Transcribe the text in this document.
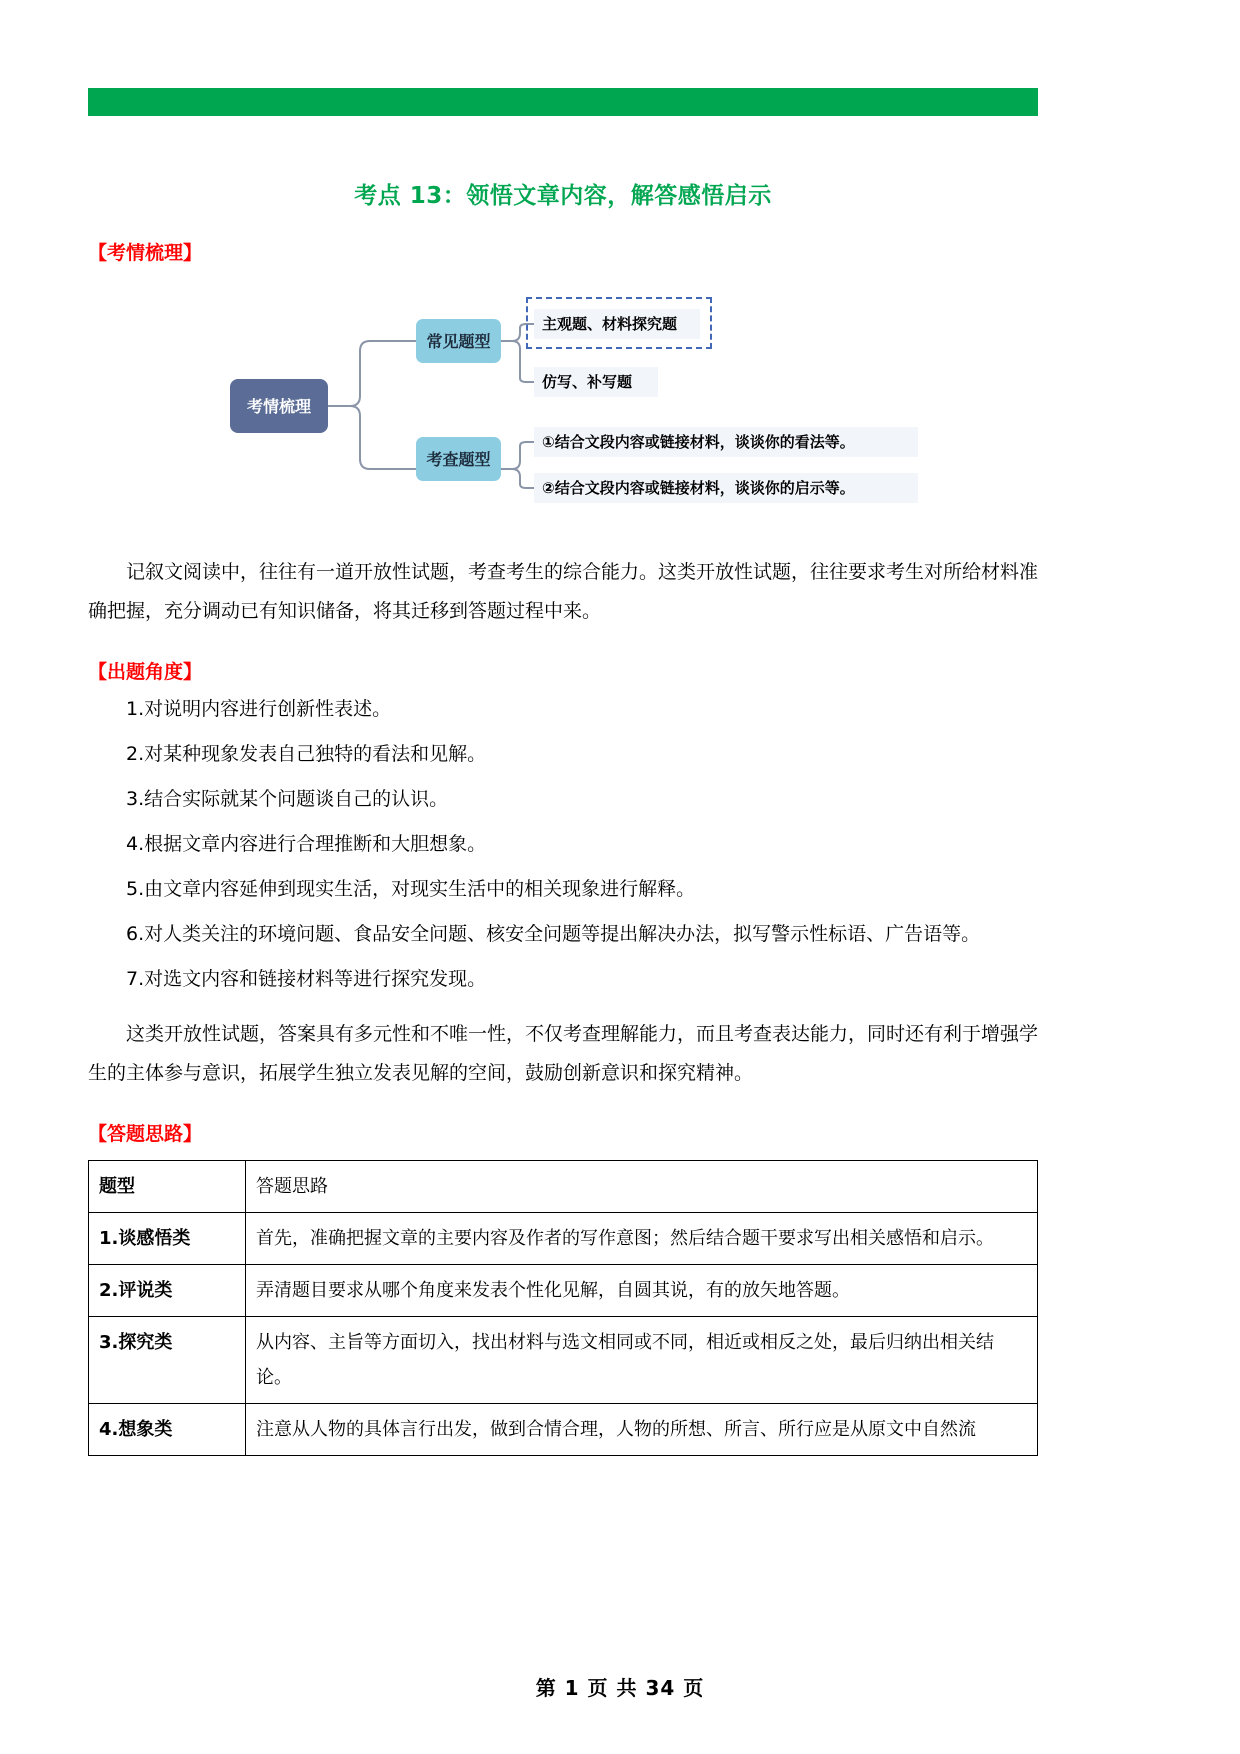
考点 13：领悟文章内容，解答感悟启示
【考情梳理】
考情梳理
常见题型
考查题型
主观题、材料探究题
仿写、补写题
①结合文段内容或链接材料，谈谈你的看法等。
②结合文段内容或链接材料，谈谈你的启示等。

记叙文阅读中，往往有一道开放性试题，考查考生的综合能力。这类开放性试题，往往要求考生对所给材料准确把握，充分调动已有知识储备，将其迁移到答题过程中来。

【出题角度】
1.对说明内容进行创新性表述。
2.对某种现象发表自己独特的看法和见解。
3.结合实际就某个问题谈自己的认识。
4.根据文章内容进行合理推断和大胆想象。
5.由文章内容延伸到现实生活，对现实生活中的相关现象进行解释。
6.对人类关注的环境问题、食品安全问题、核安全问题等提出解决办法，拟写警示性标语、广告语等。
7.对选文内容和链接材料等进行探究发现。

这类开放性试题，答案具有多元性和不唯一性，不仅考查理解能力，而且考查表达能力，同时还有利于增强学生的主体参与意识，拓展学生独立发表见解的空间，鼓励创新意识和探究精神。

【答题思路】
题型	答题思路
1.谈感悟类	首先，准确把握文章的主要内容及作者的写作意图；然后结合题干要求写出相关感悟和启示。
2.评说类	弄清题目要求从哪个角度来发表个性化见解，自圆其说，有的放矢地答题。
3.探究类	从内容、主旨等方面切入，找出材料与选文相同或不同，相近或相反之处，最后归纳出相关结论。
4.想象类	注意从人物的具体言行出发，做到合情合理，人物的所想、所言、所行应是从原文中自然流
第 1 页 共 34 页
